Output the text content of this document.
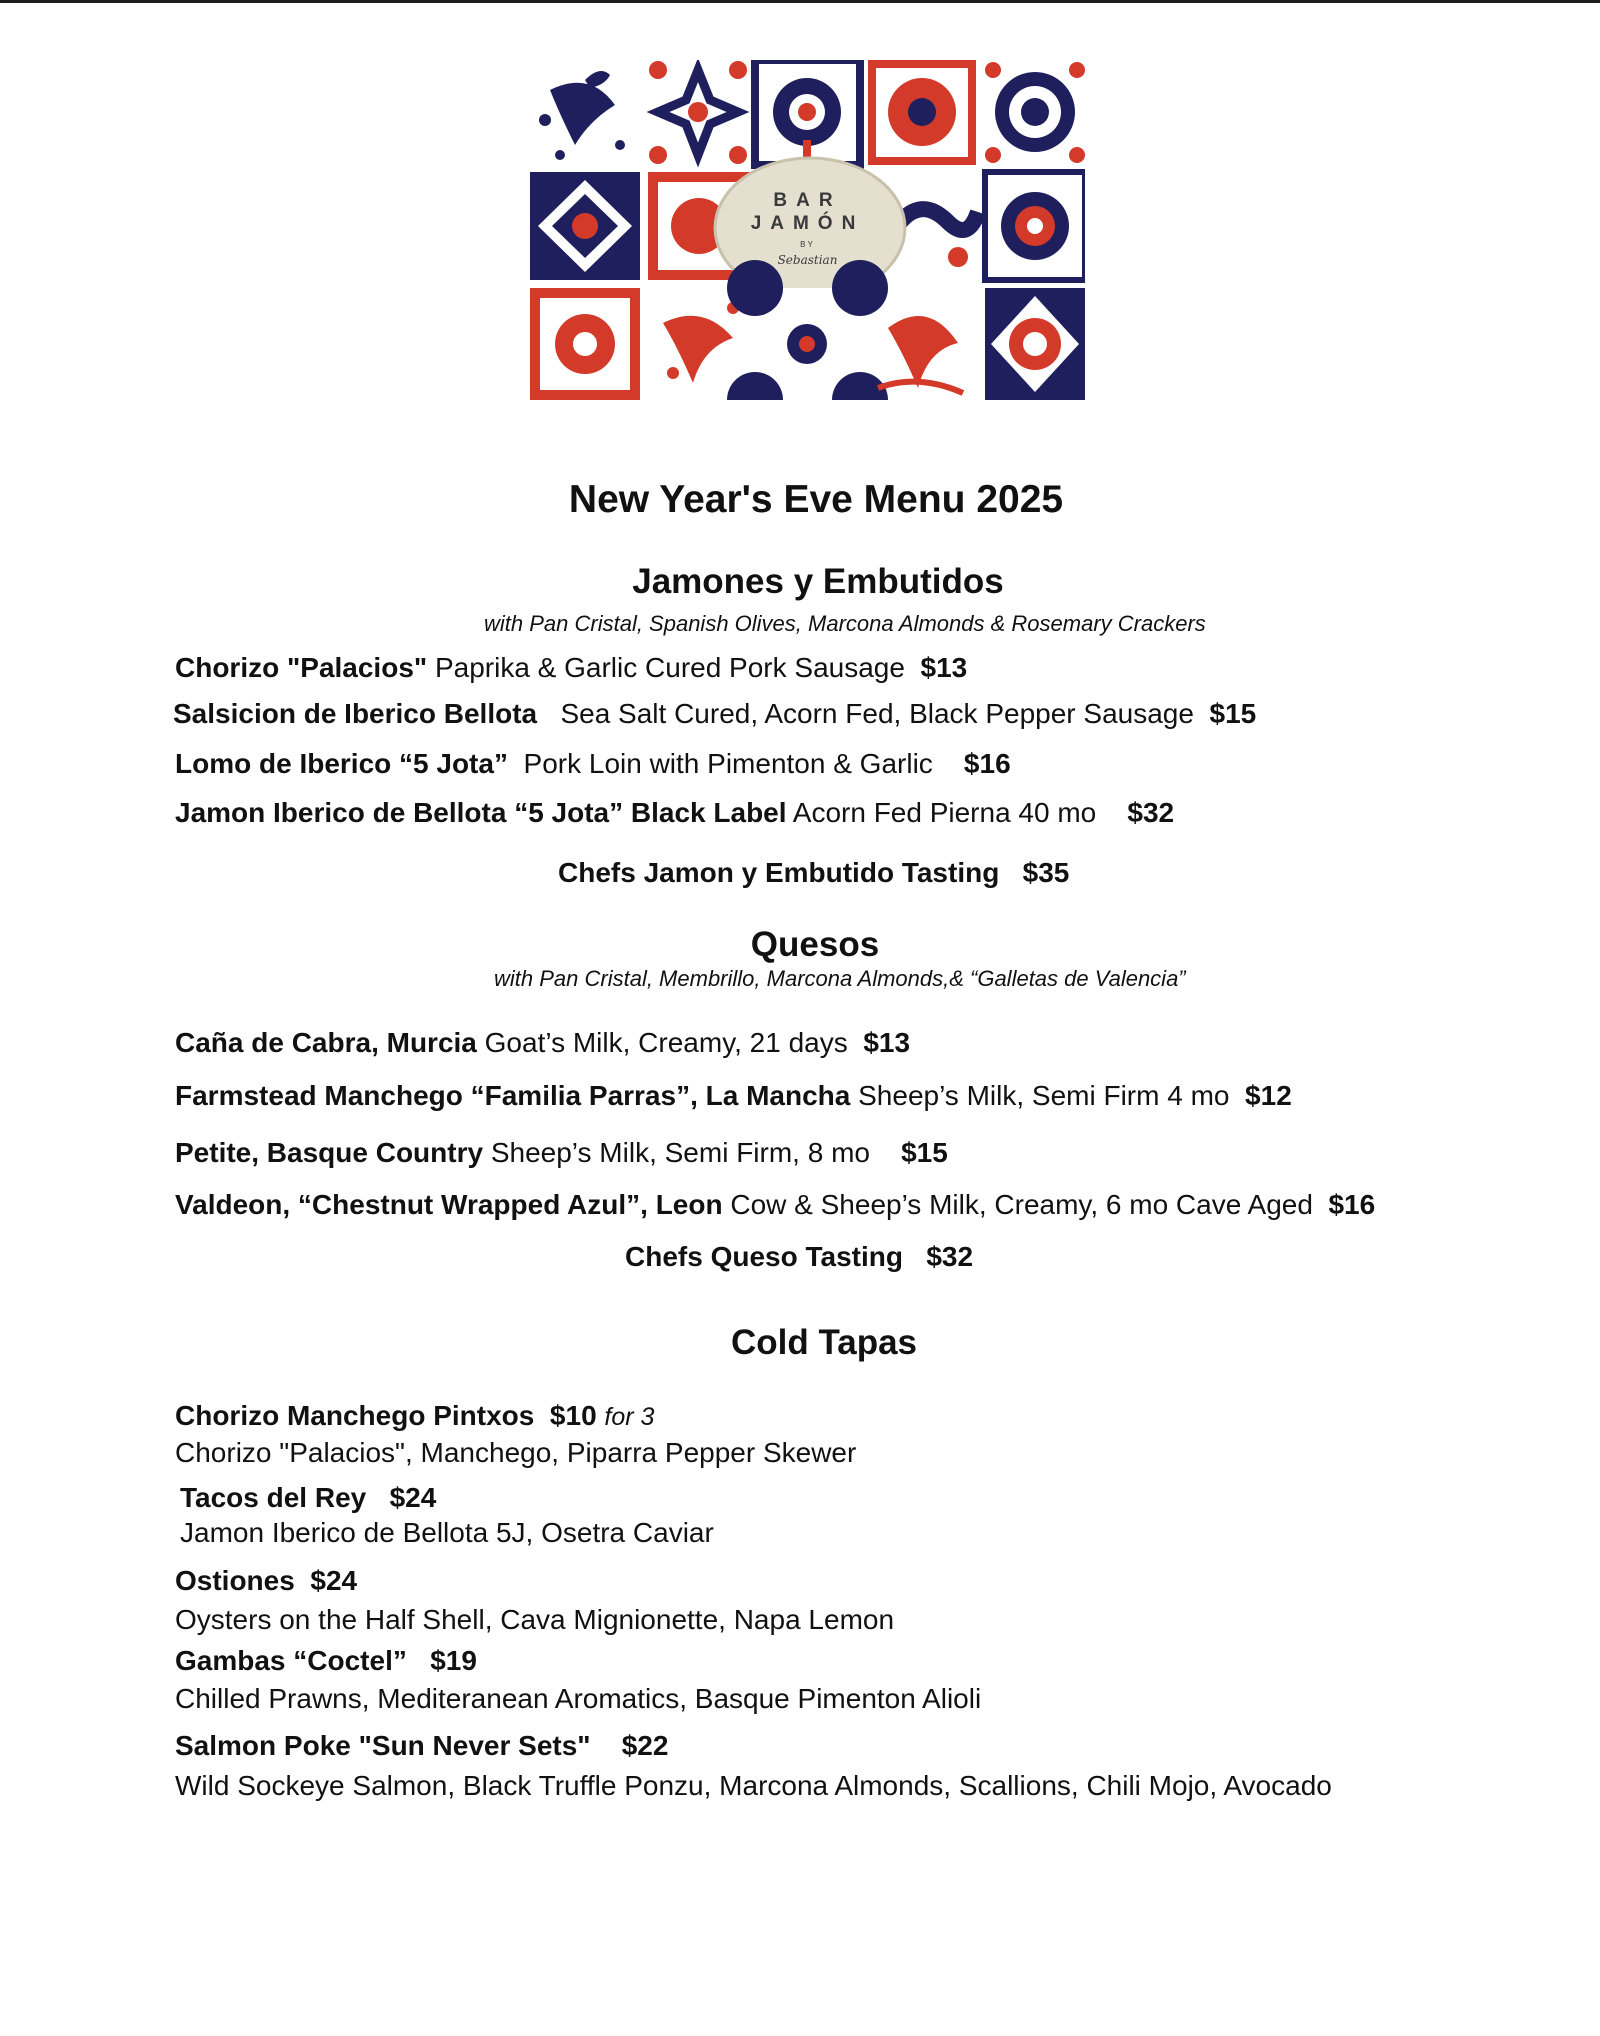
BAR
JAMÓN
BY
Sebastian
New Year's Eve Menu 2025
Jamones y Embutidos
with Pan Cristal, Spanish Olives, Marcona Almonds & Rosemary Crackers
Chorizo "Palacios" Paprika & Garlic Cured Pork Sausage $13
Salsicion de Iberico Bellota Sea Salt Cured, Acorn Fed, Black Pepper Sausage $15
Lomo de Iberico “5 Jota” Pork Loin with Pimenton & Garlic $16
Jamon Iberico de Bellota “5 Jota” Black Label Acorn Fed Pierna 40 mo $32
Chefs Jamon y Embutido Tasting $35
Quesos
with Pan Cristal, Membrillo, Marcona Almonds,& “Galletas de Valencia”
Caña de Cabra, Murcia Goat’s Milk, Creamy, 21 days $13
Farmstead Manchego “Familia Parras”, La Mancha Sheep’s Milk, Semi Firm 4 mo $12
Petite, Basque Country Sheep’s Milk, Semi Firm, 8 mo $15
Valdeon, “Chestnut Wrapped Azul”, Leon Cow & Sheep’s Milk, Creamy, 6 mo Cave Aged $16
Chefs Queso Tasting $32
Cold Tapas
Chorizo Manchego Pintxos $10 for 3
Chorizo "Palacios", Manchego, Piparra Pepper Skewer
Tacos del Rey $24
Jamon Iberico de Bellota 5J, Osetra Caviar
Ostiones $24
Oysters on the Half Shell, Cava Mignionette, Napa Lemon
Gambas “Coctel” $19
Chilled Prawns, Mediteranean Aromatics, Basque Pimenton Alioli
Salmon Poke "Sun Never Sets" $22
Wild Sockeye Salmon, Black Truffle Ponzu, Marcona Almonds, Scallions, Chili Mojo, Avocado
